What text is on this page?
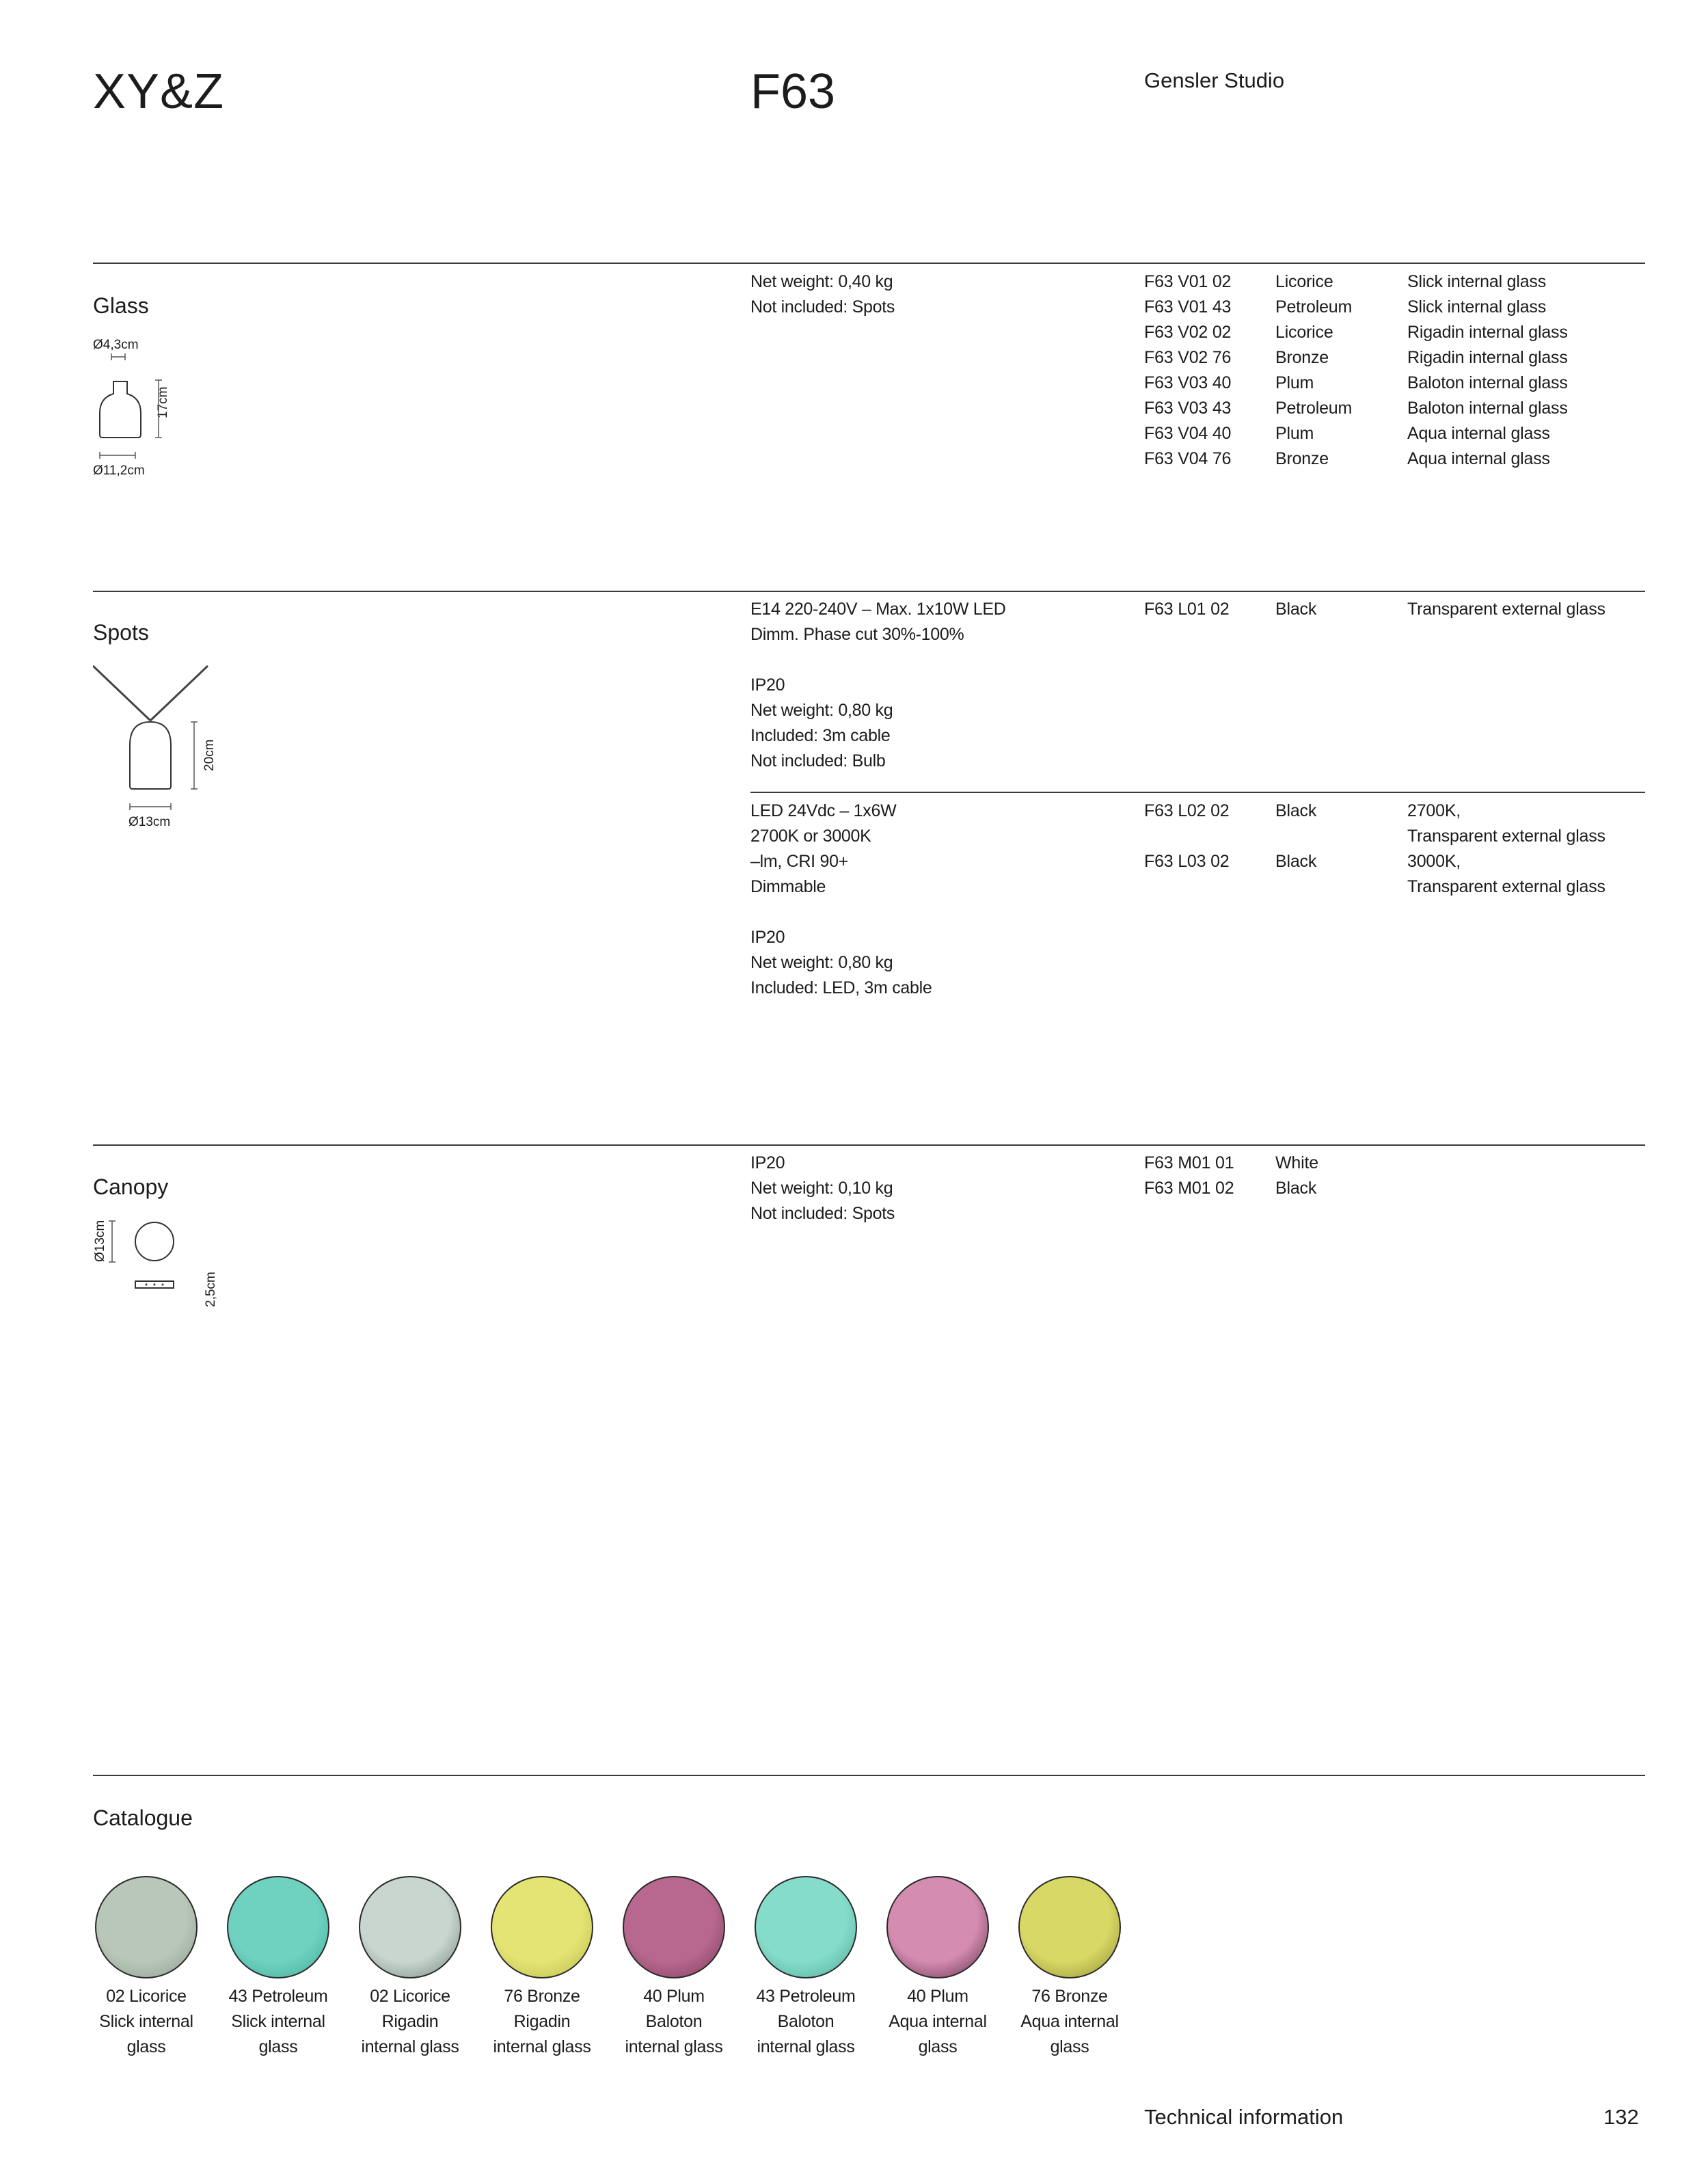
XY&Z	F63	Gensler Studio
Glass
Ø4,3cm
17cm
Ø11,2cm
Net weight: 0,40 kg
Not included: Spots
F63 V01 02	Licorice	Slick internal glass
F63 V01 43	Petroleum	Slick internal glass
F63 V02 02	Licorice	Rigadin internal glass
F63 V02 76	Bronze	Rigadin internal glass
F63 V03 40	Plum	Baloton internal glass
F63 V03 43	Petroleum	Baloton internal glass
F63 V04 40	Plum	Aqua internal glass
F63 V04 76	Bronze	Aqua internal glass
Spots
20cm
Ø13cm
E14 220-240V – Max. 1x10W LED
Dimm. Phase cut 30%-100%

IP20
Net weight: 0,80 kg
Included: 3m cable
Not included: Bulb
F63 L01 02	Black	Transparent external glass
LED 24Vdc – 1x6W
2700K or 3000K
–lm, CRI 90+
Dimmable

IP20
Net weight: 0,80 kg
Included: LED, 3m cable
F63 L02 02	Black	2700K,

Transparent external glass
F63 L03 02	Black	3000K,

Transparent external glass
Canopy
Ø13cm
2,5cm
IP20
Net weight: 0,10 kg
Not included: Spots
F63 M01 01	White

F63 M01 02	Black

Catalogue
02 Licorice
Slick internal
glass
43 Petroleum
Slick internal
glass
02 Licorice
Rigadin
internal glass
76 Bronze
Rigadin
internal glass
40 Plum
Baloton
internal glass
43 Petroleum
Baloton
internal glass
40 Plum
Aqua internal
glass
76 Bronze
Aqua internal
glass
Technical information	132
